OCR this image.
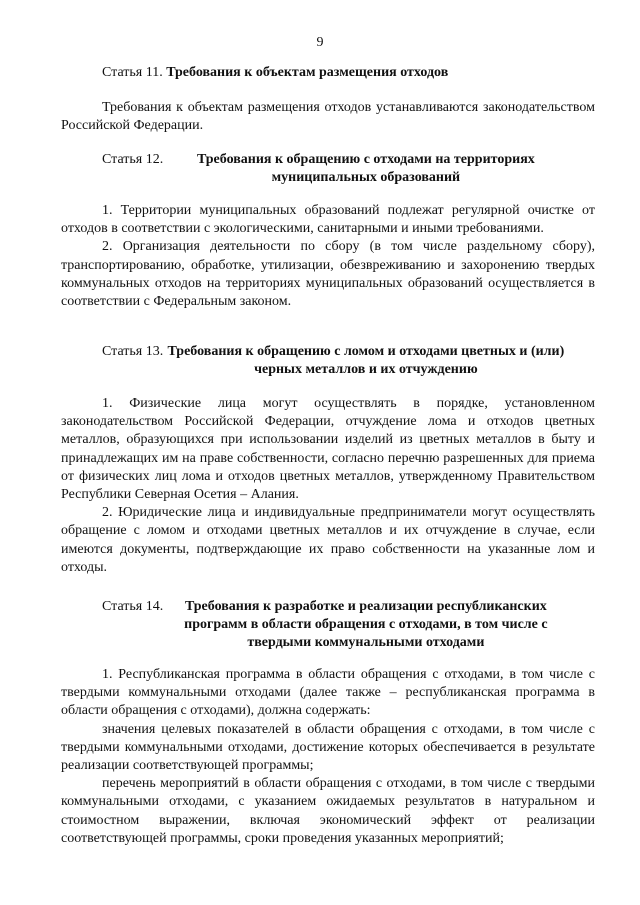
9
Статья 11. Требования к объектам размещения отходов

Требования к объектам размещения отходов устанавливаются законодательством Российской Федерации.

Статья 12.	Требования к обращению с отходами на территориях муниципальных образований

1. Территории муниципальных образований подлежат регулярной очистке от отходов в соответствии с экологическими, санитарными и иными требованиями.

2. Организация деятельности по сбору (в том числе раздельному сбору), транспортированию, обработке, утилизации, обезвреживанию и захоронению твердых коммунальных отходов на территориях муниципальных образований осуществляется в соответствии с Федеральным законом.

Статья 13. Требования к обращению с ломом и отходами цветных и (или) черных металлов и их отчуждению

1. Физические лица могут осуществлять в порядке, установленном законодательством Российской Федерации, отчуждение лома и отходов цветных металлов, образующихся при использовании изделий из цветных металлов в быту и принадлежащих им на праве собственности, согласно перечню разрешенных для приема от физических лиц лома и отходов цветных металлов, утвержденному Правительством Республики Северная Осетия – Алания.

2. Юридические лица и индивидуальные предприниматели могут осуществлять обращение с ломом и отходами цветных металлов и их отчуждение в случае, если имеются документы, подтверждающие их право собственности на указанные лом и отходы.

Статья 14.	Требования к разработке и реализации республиканских программ в области обращения с отходами, в том числе с твердыми коммунальными отходами

1. Республиканская программа в области обращения с отходами, в том числе с твердыми коммунальными отходами (далее также – республиканская программа в области обращения с отходами), должна содержать:

значения целевых показателей в области обращения с отходами, в том числе с твердыми коммунальными отходами, достижение которых обеспечивается в результате реализации соответствующей программы;

перечень мероприятий в области обращения с отходами, в том числе с твердыми коммунальными отходами, с указанием ожидаемых результатов в натуральном и стоимостном выражении, включая экономический эффект от реализации соответствующей программы, сроки проведения указанных мероприятий;
